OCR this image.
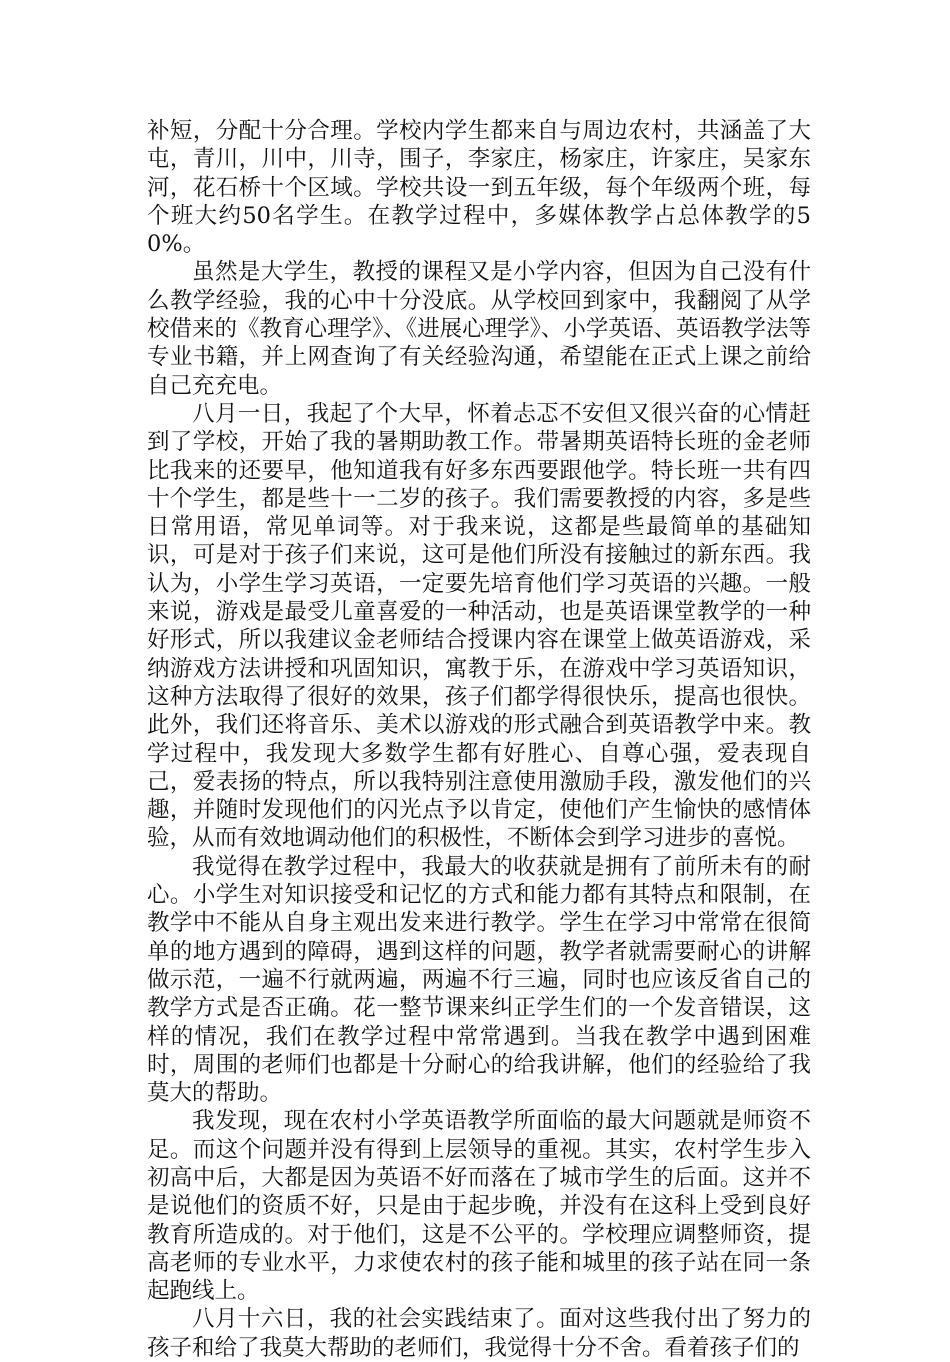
补短，分配十分合理。学校内学生都来自与周边农村，共涵盖了大屯，青川，川中，川寺，围子，李家庄，杨家庄，许家庄，吴家东河，花石桥十个区域。学校共设一到五年级，每个年级两个班，每个班大约50名学生。在教学过程中，多媒体教学占总体教学的50%。

虽然是大学生，教授的课程又是小学内容，但因为自己没有什么教学经验，我的心中十分没底。从学校回到家中，我翻阅了从学校借来的《教育心理学》、《进展心理学》、小学英语、英语教学法等专业书籍，并上网查询了有关经验沟通，希望能在正式上课之前给自己充充电。

八月一日，我起了个大早，怀着忐忑不安但又很兴奋的心情赶到了学校，开始了我的暑期助教工作。带暑期英语特长班的金老师比我来的还要早，他知道我有好多东西要跟他学。特长班一共有四十个学生，都是些十一二岁的孩子。我们需要教授的内容，多是些日常用语，常见单词等。对于我来说，这都是些最简单的基础知识，可是对于孩子们来说，这可是他们所没有接触过的新东西。我认为，小学生学习英语，一定要先培育他们学习英语的兴趣。一般来说，游戏是最受儿童喜爱的一种活动，也是英语课堂教学的一种好形式，所以我建议金老师结合授课内容在课堂上做英语游戏，采纳游戏方法讲授和巩固知识，寓教于乐，在游戏中学习英语知识，这种方法取得了很好的效果，孩子们都学得很快乐，提高也很快。此外，我们还将音乐、美术以游戏的形式融合到英语教学中来。教学过程中，我发现大多数学生都有好胜心、自尊心强，爱表现自己，爱表扬的特点，所以我特别注意使用激励手段，激发他们的兴趣，并随时发现他们的闪光点予以肯定，使他们产生愉快的感情体验，从而有效地调动他们的积极性，不断体会到学习进步的喜悦。

我觉得在教学过程中，我最大的收获就是拥有了前所未有的耐心。小学生对知识接受和记忆的方式和能力都有其特点和限制，在教学中不能从自身主观出发来进行教学。学生在学习中常常在很简单的地方遇到的障碍，遇到这样的问题，教学者就需要耐心的讲解做示范，一遍不行就两遍，两遍不行三遍，同时也应该反省自己的教学方式是否正确。花一整节课来纠正学生们的一个发音错误，这样的情况，我们在教学过程中常常遇到。当我在教学中遇到困难时，周围的老师们也都是十分耐心的给我讲解，他们的经验给了我莫大的帮助。

我发现，现在农村小学英语教学所面临的最大问题就是师资不足。而这个问题并没有得到上层领导的重视。其实，农村学生步入初高中后，大都是因为英语不好而落在了城市学生的后面。这并不是说他们的资质不好，只是由于起步晚，并没有在这科上受到良好教育所造成的。对于他们，这是不公平的。学校理应调整师资，提高老师的专业水平，力求使农村的孩子能和城里的孩子站在同一条起跑线上。

八月十六日，我的社会实践结束了。面对这些我付出了努力的孩子和给了我莫大帮助的老师们，我觉得十分不舍。看着孩子们的
